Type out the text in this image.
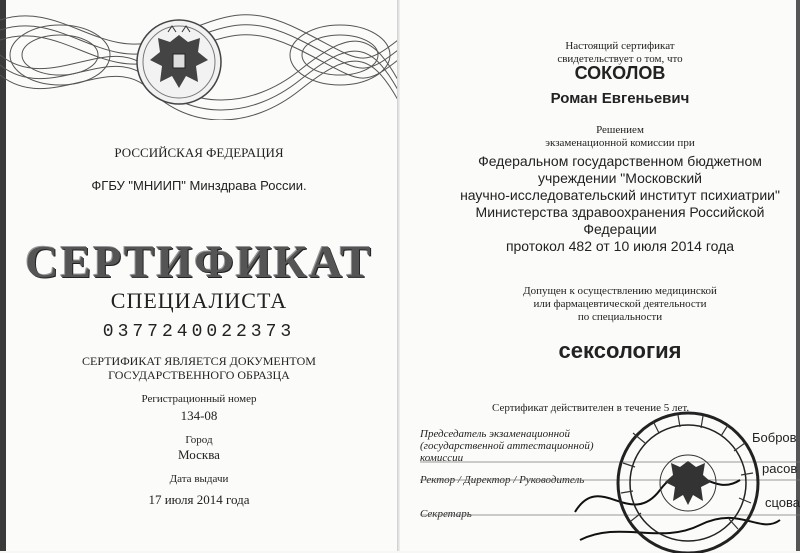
РОССИЙСКАЯ ФЕДЕРАЦИЯ
ФГБУ "МНИИП" Минздрава России.
СЕРТИФИКАТ
СПЕЦИАЛИСТА
0377240022373
СЕРТИФИКАТ ЯВЛЯЕТСЯ ДОКУМЕНТОМ
ГОСУДАРСТВЕННОГО ОБРАЗЦА
Регистрационный номер
134-08
Город
Москва
Дата выдачи
17 июля 2014 года
Настоящий сертификат
свидетельствует о том, что
СОКОЛОВ
Роман Евгеньевич
Решением
экзаменационной комиссии при
Федеральном государственном бюджетном
учреждении "Московский
научно-исследовательский институт психиатрии"
Министерства здравоохранения Российской
Федерации
протокол 482 от 10 июля 2014 года
Допущен к осуществлению медицинской
или фармацевтической деятельности
по специальности
сексология
Сертификат действителен в течение 5 лет.
Председатель экзаменационной
(государственной аттестационной)
комиссии
Бобров
Ректор / Директор / Руководитель
расов
Секретарь
сцова
